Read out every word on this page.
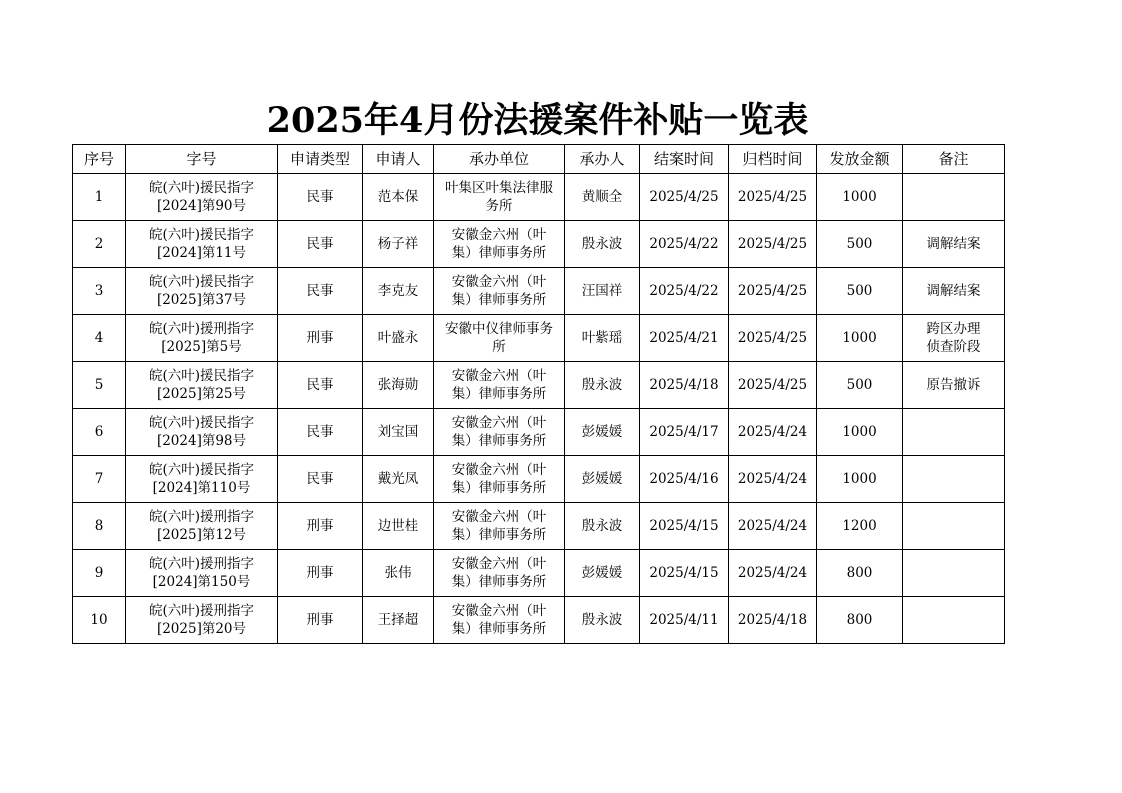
2025年4月份法援案件补贴一览表
序号	字号	申请类型	申请人	承办单位	承办人	结案时间	归档时间	发放金额	备注

1	皖(六叶)援民指字
[2024]第90号	民事	范本保	叶集区叶集法律服
务所	黄顺全	2025/4/25	2025/4/25	1000	

2	皖(六叶)援民指字
[2024]第11号	民事	杨子祥	安徽金六州（叶
集）律师事务所	殷永波	2025/4/22	2025/4/25	500	调解结案

3	皖(六叶)援民指字
[2025]第37号	民事	李克友	安徽金六州（叶
集）律师事务所	汪国祥	2025/4/22	2025/4/25	500	调解结案

4	皖(六叶)援刑指字
[2025]第5号	刑事	叶盛永	安徽中仪律师事务
所	叶紫瑶	2025/4/21	2025/4/25	1000	跨区办理
侦查阶段

5	皖(六叶)援民指字
[2025]第25号	民事	张海勋	安徽金六州（叶
集）律师事务所	殷永波	2025/4/18	2025/4/25	500	原告撤诉

6	皖(六叶)援民指字
[2024]第98号	民事	刘宝国	安徽金六州（叶
集）律师事务所	彭媛媛	2025/4/17	2025/4/24	1000	

7	皖(六叶)援民指字
[2024]第110号	民事	戴光凤	安徽金六州（叶
集）律师事务所	彭媛媛	2025/4/16	2025/4/24	1000	

8	皖(六叶)援刑指字
[2025]第12号	刑事	边世桂	安徽金六州（叶
集）律师事务所	殷永波	2025/4/15	2025/4/24	1200	

9	皖(六叶)援刑指字
[2024]第150号	刑事	张伟	安徽金六州（叶
集）律师事务所	彭媛媛	2025/4/15	2025/4/24	800	

10	皖(六叶)援刑指字
[2025]第20号	刑事	王择超	安徽金六州（叶
集）律师事务所	殷永波	2025/4/11	2025/4/18	800	
